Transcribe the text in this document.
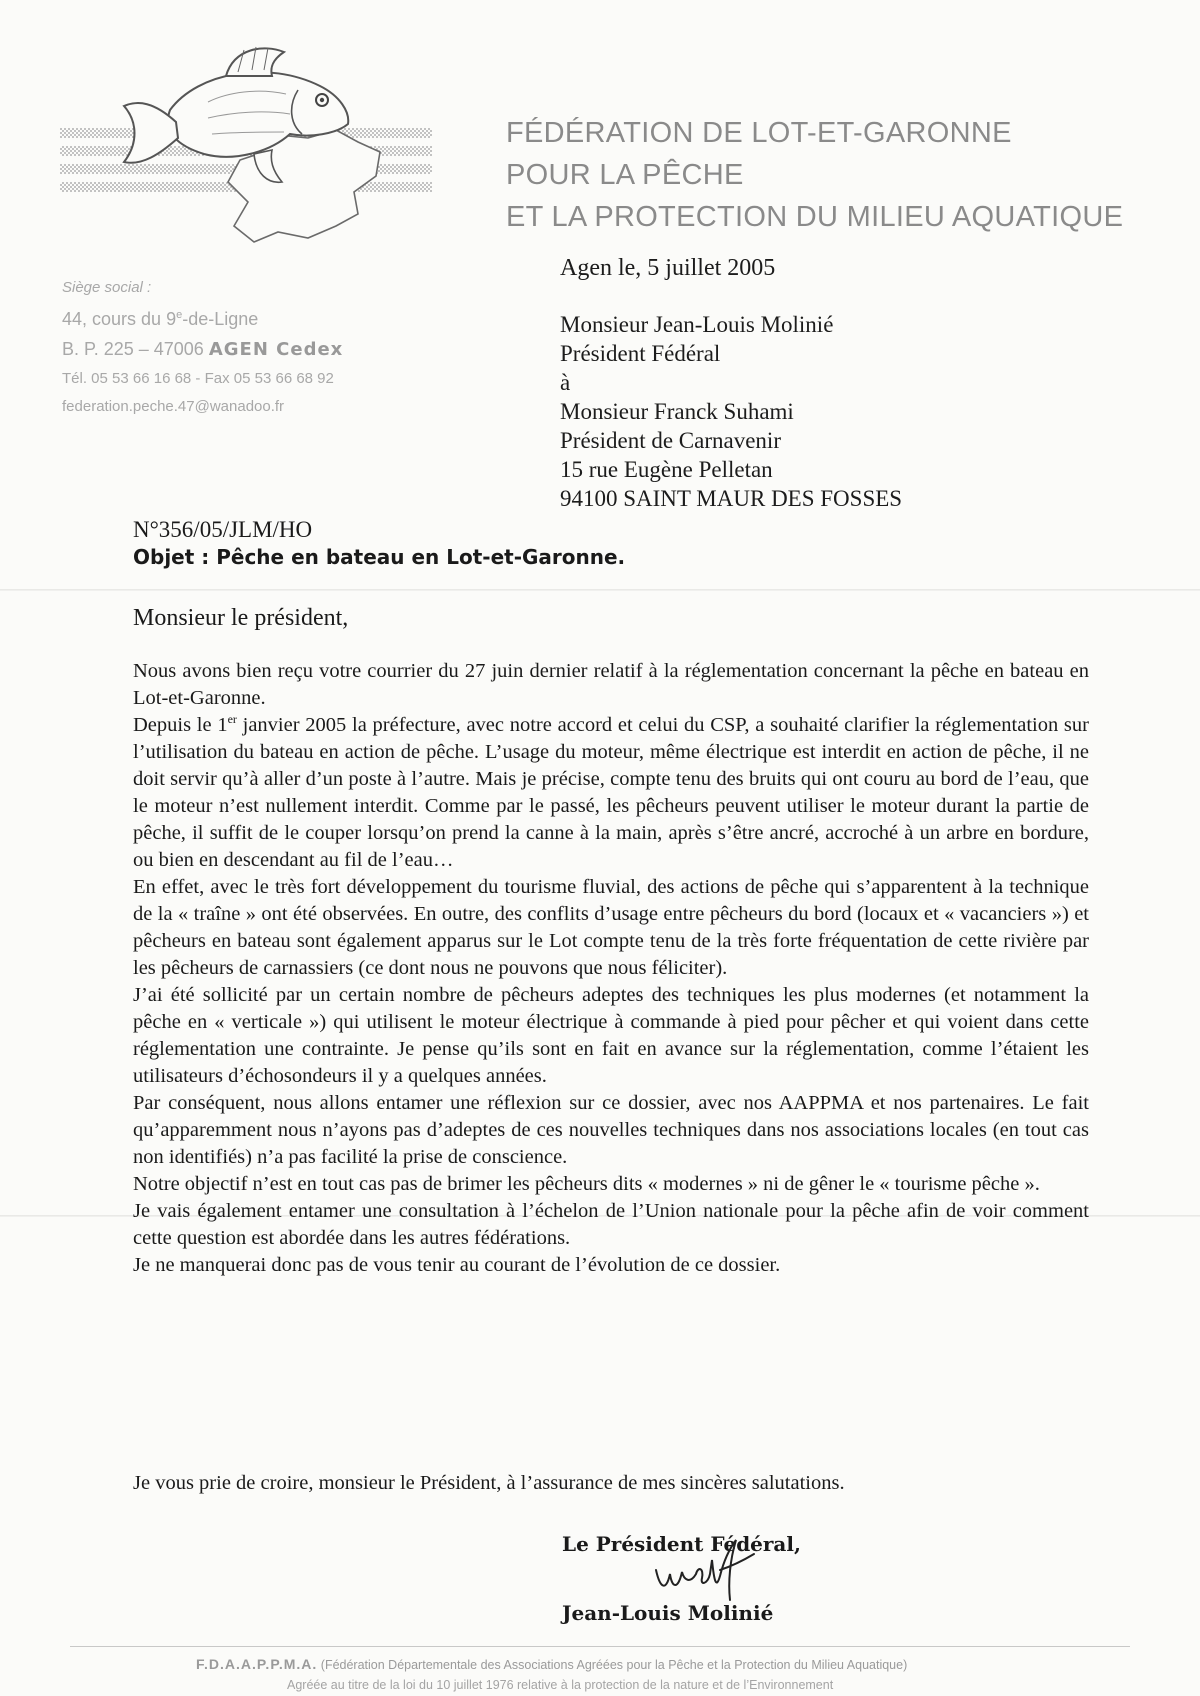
FÉDÉRATION DE LOT-ET-GARONNE
POUR LA PÊCHE
ET LA PROTECTION DU MILIEU AQUATIQUE
Siège social :
44, cours du 9e-de-Ligne
B. P. 225 – 47006 AGEN Cedex
Tél. 05 53 66 16 68 - Fax 05 53 66 68 92
federation.peche.47@wanadoo.fr
Agen le, 5 juillet 2005
Monsieur Jean-Louis Molinié
Président Fédéral
à
Monsieur Franck Suhami
Président de Carnavenir
15 rue Eugène Pelletan
94100 SAINT MAUR DES FOSSES
N°356/05/JLM/HO
Objet : Pêche en bateau en Lot-et-Garonne.
Monsieur le président,

Nous avons bien reçu votre courrier du 27 juin dernier relatif à la réglementation concernant la pêche en bateau en Lot-et-Garonne.

Depuis le 1er janvier 2005 la préfecture, avec notre accord et celui du CSP, a souhaité clarifier la réglementation sur l’utilisation du bateau en action de pêche. L’usage du moteur, même électrique est interdit en action de pêche, il ne doit servir qu’à aller d’un poste à l’autre. Mais je précise, compte tenu des bruits qui ont couru au bord de l’eau, que le moteur n’est nullement interdit. Comme par le passé, les pêcheurs peuvent utiliser le moteur durant la partie de pêche, il suffit de le couper lorsqu’on prend la canne à la main, après s’être ancré, accroché à un arbre en bordure, ou bien en descendant au fil de l’eau…

En effet, avec le très fort développement du tourisme fluvial, des actions de pêche qui s’apparentent à la technique de la « traîne » ont été observées. En outre, des conflits d’usage entre pêcheurs du bord (locaux et « vacanciers ») et pêcheurs en bateau sont également apparus sur le Lot compte tenu de la très forte fréquentation de cette rivière par les pêcheurs de carnassiers (ce dont nous ne pouvons que nous féliciter).

J’ai été sollicité par un certain nombre de pêcheurs adeptes des techniques les plus modernes (et notamment la pêche en « verticale ») qui utilisent le moteur électrique à commande à pied pour pêcher et qui voient dans cette réglementation une contrainte. Je pense qu’ils sont en fait en avance sur la réglementation, comme l’étaient les utilisateurs d’échosondeurs il y a quelques années.

Par conséquent, nous allons entamer une réflexion sur ce dossier, avec nos AAPPMA et nos partenaires. Le fait qu’apparemment nous n’ayons pas d’adeptes de ces nouvelles techniques dans nos associations locales (en tout cas non identifiés) n’a pas facilité la prise de conscience.

Notre objectif n’est en tout cas pas de brimer les pêcheurs dits « modernes » ni de gêner le « tourisme pêche ».

Je vais également entamer une consultation à l’échelon de l’Union nationale pour la pêche afin de voir comment cette question est abordée dans les autres fédérations.

Je ne manquerai donc pas de vous tenir au courant de l’évolution de ce dossier.

Je vous prie de croire, monsieur le Président, à l’assurance de mes sincères salutations.
Le Président Fédéral,
Jean-Louis Molinié
F.D.A.A.P.P.M.A. (Fédération Départementale des Associations Agréées pour la Pêche et la Protection du Milieu Aquatique)
Agréée au titre de la loi du 10 juillet 1976 relative à la protection de la nature et de l’Environnement
